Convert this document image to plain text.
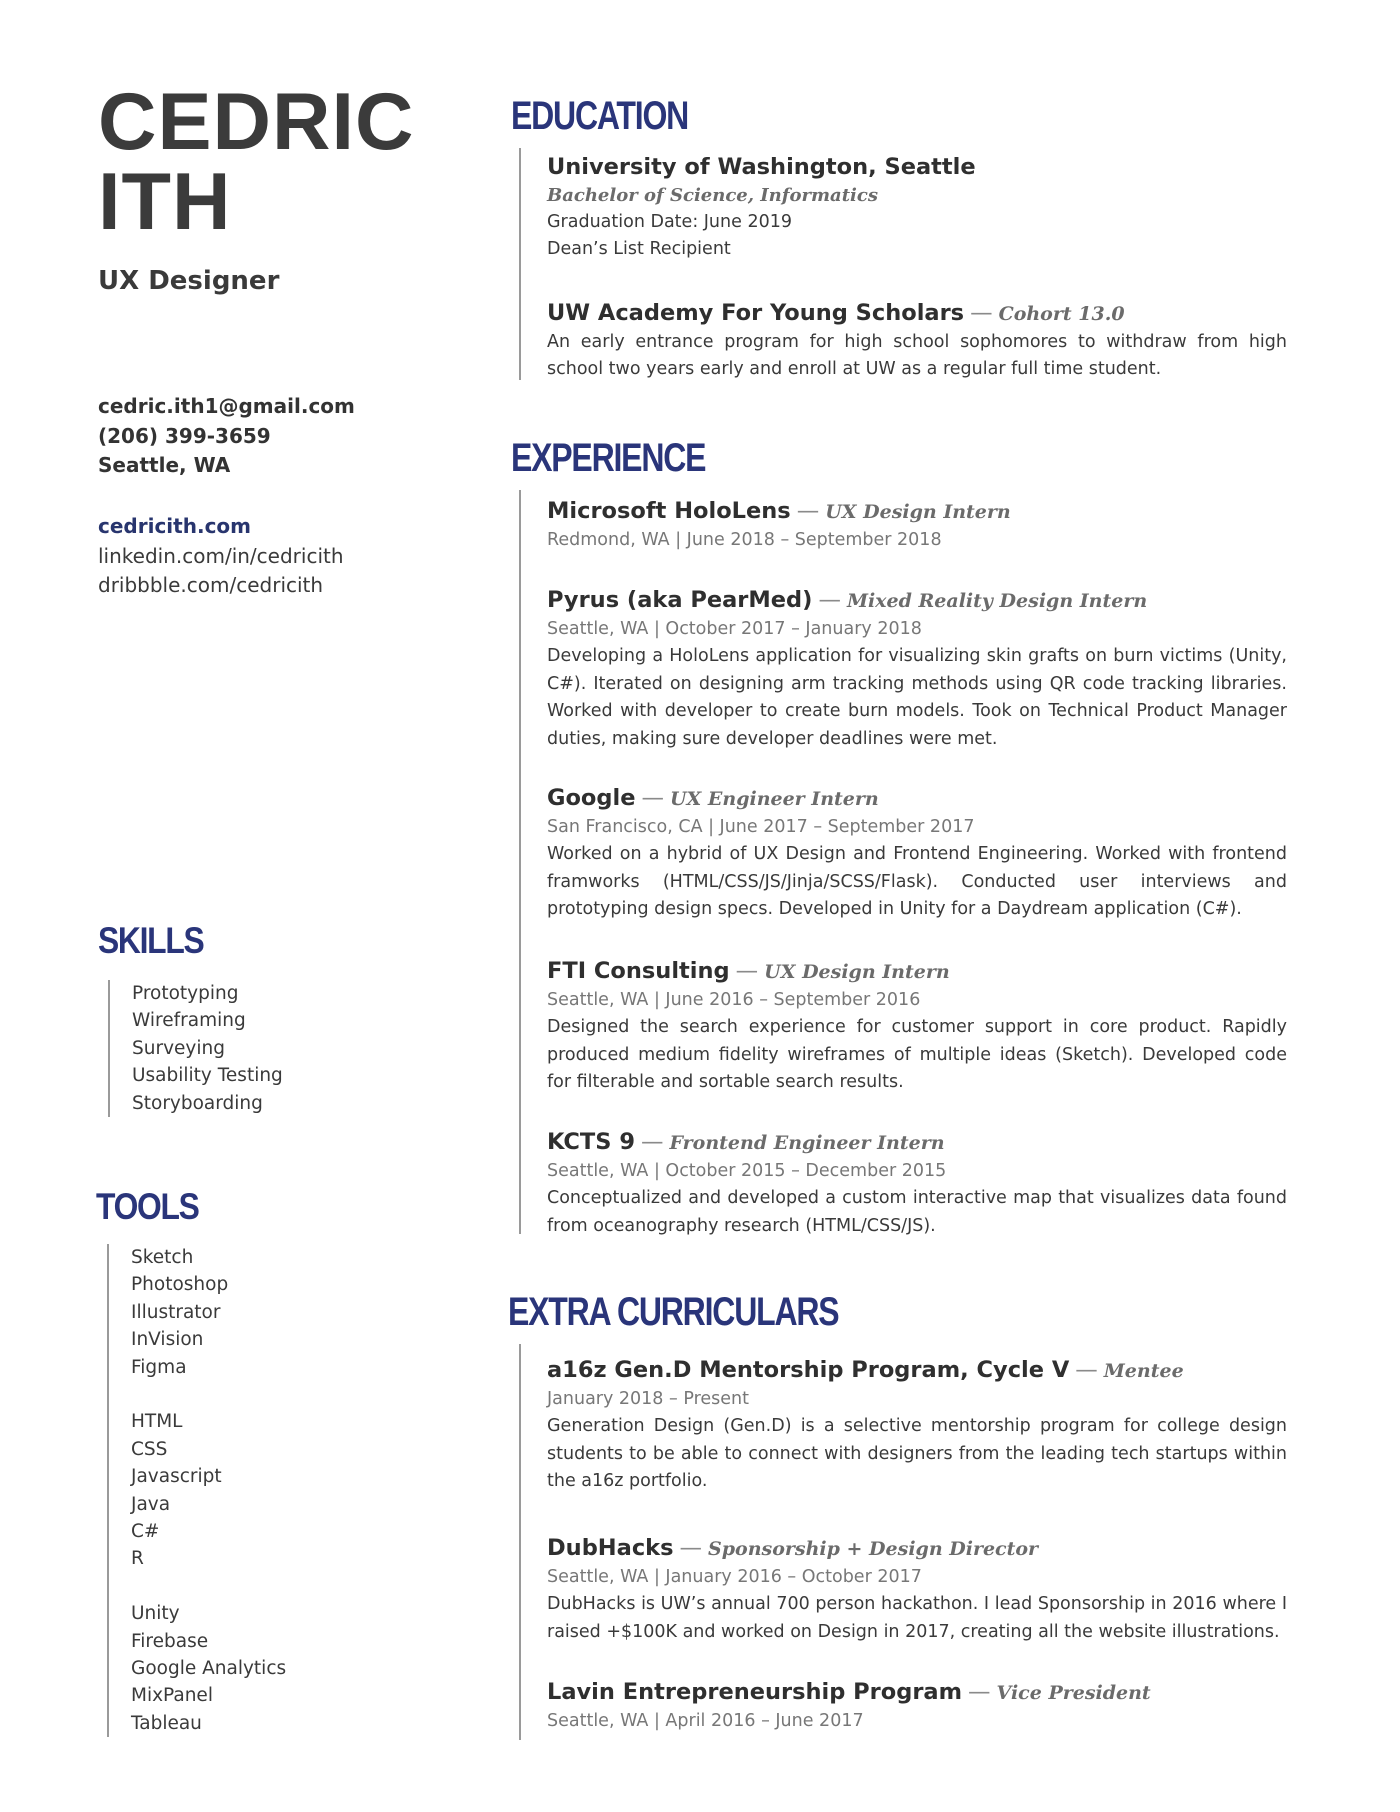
CEDRIC
ITH
UX Designer
cedric.ith1@gmail.com
(206) 399-3659
Seattle, WA
cedricith.com
linkedin.com/in/cedricith
dribbble.com/cedricith
SKILLS
Prototyping
Wireframing
Surveying
Usability Testing
Storyboarding
TOOLS
Sketch
Photoshop
Illustrator
InVision
Figma
HTML
CSS
Javascript
Java
C#
R
Unity
Firebase
Google Analytics
MixPanel
Tableau
EDUCATION
University of Washington, Seattle
Bachelor of Science, Informatics
Graduation Date: June 2019
Dean’s List Recipient
UW Academy For Young Scholars — Cohort 13.0
An early entrance program for high school sophomores to withdraw from high school two years early and enroll at UW as a regular full time student.
EXPERIENCE
Microsoft HoloLens — UX Design Intern
Redmond, WA | June 2018 – September 2018
Pyrus (aka PearMed) — Mixed Reality Design Intern
Seattle, WA | October 2017 – January 2018
Developing a HoloLens application for visualizing skin grafts on burn victims (Unity, C#). Iterated on designing arm tracking methods using QR code tracking libraries. Worked with developer to create burn models. Took on Technical Product Manager duties, making sure developer deadlines were met.
Google — UX Engineer Intern
San Francisco, CA | June 2017 – September 2017
Worked on a hybrid of UX Design and Frontend Engineering. Worked with frontend framworks (HTML/CSS/JS/Jinja/SCSS/Flask). Conducted user interviews and prototyping design specs. Developed in Unity for a Daydream application (C#).
FTI Consulting — UX Design Intern
Seattle, WA | June 2016 – September 2016
Designed the search experience for customer support in core product. Rapidly produced medium fidelity wireframes of multiple ideas (Sketch). Developed code for filterable and sortable search results.
KCTS 9 — Frontend Engineer Intern
Seattle, WA | October 2015 – December 2015
Conceptualized and developed a custom interactive map that visualizes data found from oceanography research (HTML/CSS/JS).
EXTRA CURRICULARS
a16z Gen.D Mentorship Program, Cycle V — Mentee
January 2018 – Present
Generation Design (Gen.D) is a selective mentorship program for college design students to be able to connect with designers from the leading tech startups within the a16z portfolio.
DubHacks — Sponsorship + Design Director
Seattle, WA | January 2016 – October 2017
DubHacks is UW’s annual 700 person hackathon. I lead Sponsorship in 2016 where I raised +$100K and worked on Design in 2017, creating all the website illustrations.
Lavin Entrepreneurship Program — Vice President
Seattle, WA | April 2016 – June 2017
